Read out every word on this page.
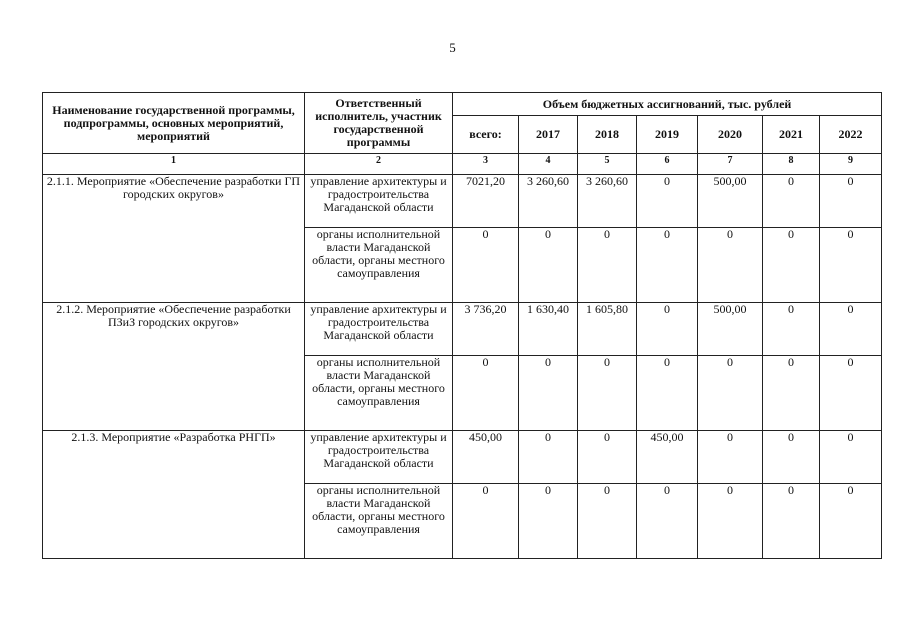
5
Наименование государственной программы, подпрограммы, основных мероприятий, мероприятий	Ответственный исполнитель, участник государственной программы	Объем бюджетных ассигнований, тыс. рублей						
		всего:	2017	2018	2019	2020	2021	2022
1	2	3	4	5	6	7	8	9
2.1.1. Мероприятие «Обеспечение разработки ГП городских округов»	управление архитектуры и градостроительства Магаданской области	7021,20	3 260,60	3 260,60	0	500,00	0	0
	органы исполнительной власти Магаданской области, органы местного самоуправления	0	0	0	0	0	0	0
2.1.2. Мероприятие «Обеспечение разработки ПЗиЗ городских округов»	управление архитектуры и градостроительства Магаданской области	3 736,20	1 630,40	1 605,80	0	500,00	0	0
	органы исполнительной власти Магаданской области, органы местного самоуправления	0	0	0	0	0	0	0
2.1.3. Мероприятие «Разработка РНГП»	управление архитектуры и градостроительства Магаданской области	450,00	0	0	450,00	0	0	0
	органы исполнительной власти Магаданской области, органы местного самоуправления	0	0	0	0	0	0	0
